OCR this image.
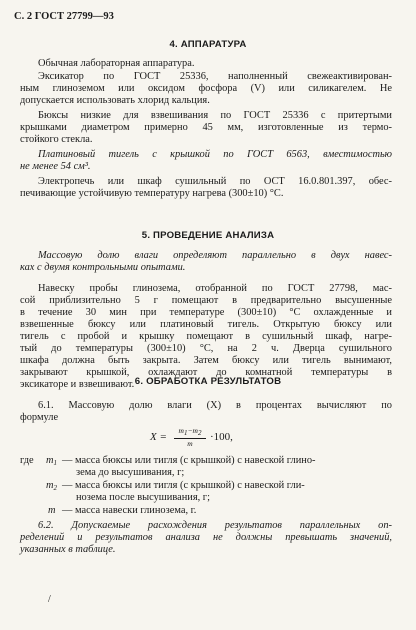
С. 2 ГОСТ 27799—93
4. АППАРАТУРА
Обычная лабораторная аппаратура.
Эксикатор по ГОСТ 25336, наполненный свежеактивирован-
ным глиноземом или оксидом фосфора (V) или силикагелем. Не
допускается использовать хлорид кальция.
Бюксы низкие для взвешивания по ГОСТ 25336 с притертыми
крышками диаметром примерно 45 мм, изготовленные из термо-
стойкого стекла.
Платиновый тигель с крышкой по ГОСТ 6563, вместимостью
не менее 54 см³.
Электропечь или шкаф сушильный по ОСТ 16.0.801.397, обес-
печивающие устойчивую температуру нагрева (300±10) °С.
5. ПРОВЕДЕНИЕ АНАЛИЗА
Массовую долю влаги определяют параллельно в двух навес-
ках с двумя контрольными опытами.
Навеску пробы глинозема, отобранной по ГОСТ 27798, мас-
сой приблизительно 5 г помещают в предварительно высушенные
в течение 30 мин при температуре (300±10) °С охлажденные и
взвешенные бюксу или платиновый тигель. Открытую бюксу или
тигель с пробой и крышку помещают в сушильный шкаф, нагре-
тый до температуры (300±10) °С, на 2 ч. Дверца сушильного
шкафа должна быть закрыта. Затем бюксу или тигель вынимают,
закрывают крышкой, охлаждают до комнатной температуры в
эксикаторе и взвешивают. 6. ОБРАБОТКА РЕЗУЛЬТАТОВ
6.1. Массовую долю влаги (X) в процентах вычисляют по
формуле
X =
m1−m2
m
·100,
где $m_1$ — масса бюксы или тигля (с крышкой) с навеской глино-
зема до высушивания, г;
$m_2$ — масса бюксы или тигля (с крышкой) с навеской гли-
нозема после высушивания, г;
m — масса навески глинозема, г.
6.2. Допускаемые расхождения результатов параллельных оп-
ределений и результатов анализа не должны превышать значений,
указанных в таблице.
/
